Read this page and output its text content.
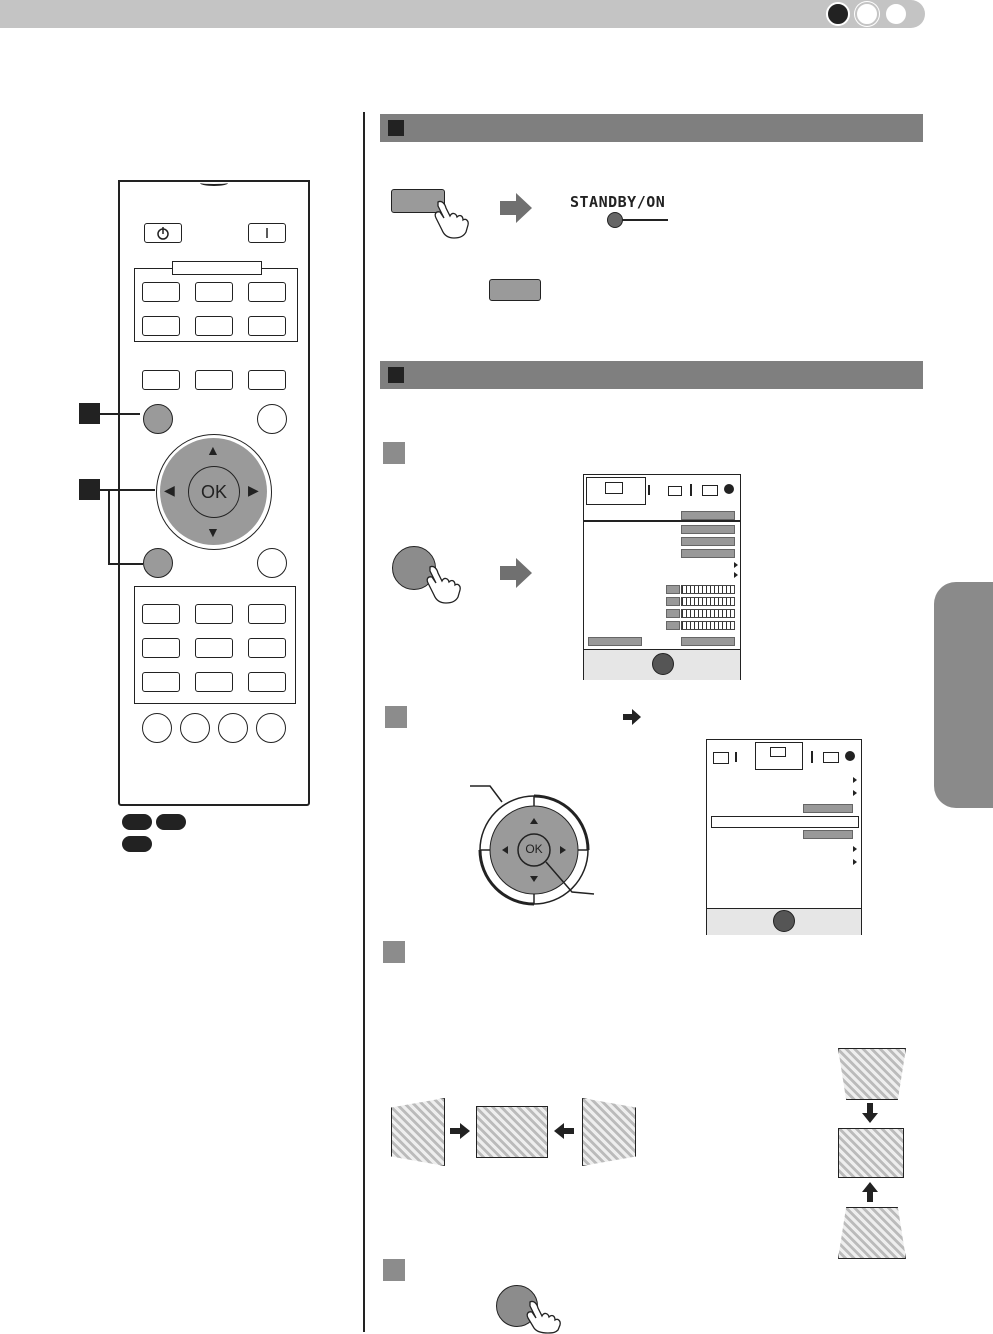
OK
▲
▼
◀	▶
STANDBY/ON
OK
